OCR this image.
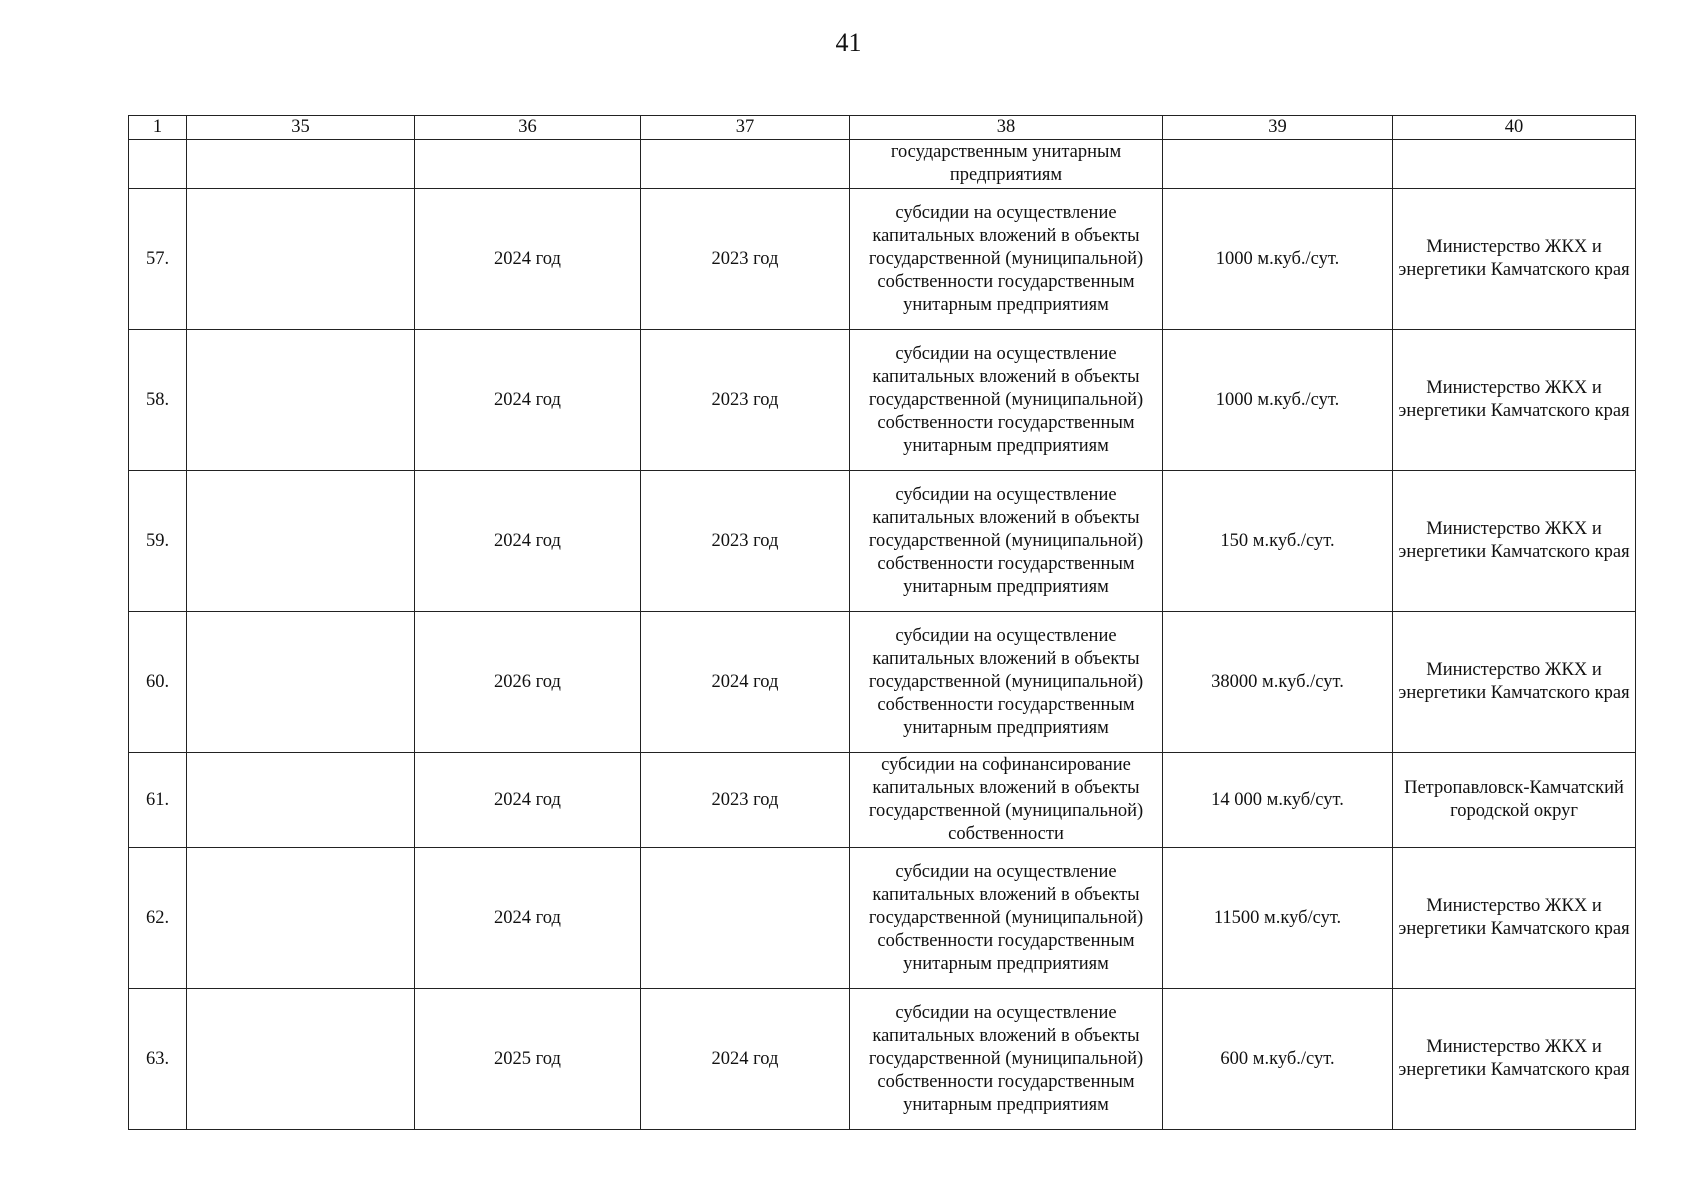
41
1	35	36	37	38	39	40
				государственным унитарным предприятиям		
57.		2024 год	2023 год	субсидии на осуществление капитальных вложений в объекты государственной (муниципальной) собственности государственным унитарным предприятиям	1000 м.куб./сут.	Министерство ЖКХ и энергетики Камчатского края
58.		2024 год	2023 год	субсидии на осуществление капитальных вложений в объекты государственной (муниципальной) собственности государственным унитарным предприятиям	1000 м.куб./сут.	Министерство ЖКХ и энергетики Камчатского края
59.		2024 год	2023 год	субсидии на осуществление капитальных вложений в объекты государственной (муниципальной) собственности государственным унитарным предприятиям	150 м.куб./сут.	Министерство ЖКХ и энергетики Камчатского края
60.		2026 год	2024 год	субсидии на осуществление капитальных вложений в объекты государственной (муниципальной) собственности государственным унитарным предприятиям	38000 м.куб./сут.	Министерство ЖКХ и энергетики Камчатского края
61.		2024 год	2023 год	субсидии на софинансирование капитальных вложений в объекты государственной (муниципальной) собственности	14 000 м.куб/сут.	Петропавловск-Камчатский городской округ
62.		2024 год		субсидии на осуществление капитальных вложений в объекты государственной (муниципальной) собственности государственным унитарным предприятиям	11500 м.куб/сут.	Министерство ЖКХ и энергетики Камчатского края
63.		2025 год	2024 год	субсидии на осуществление капитальных вложений в объекты государственной (муниципальной) собственности государственным унитарным предприятиям	600 м.куб./сут.	Министерство ЖКХ и энергетики Камчатского края
